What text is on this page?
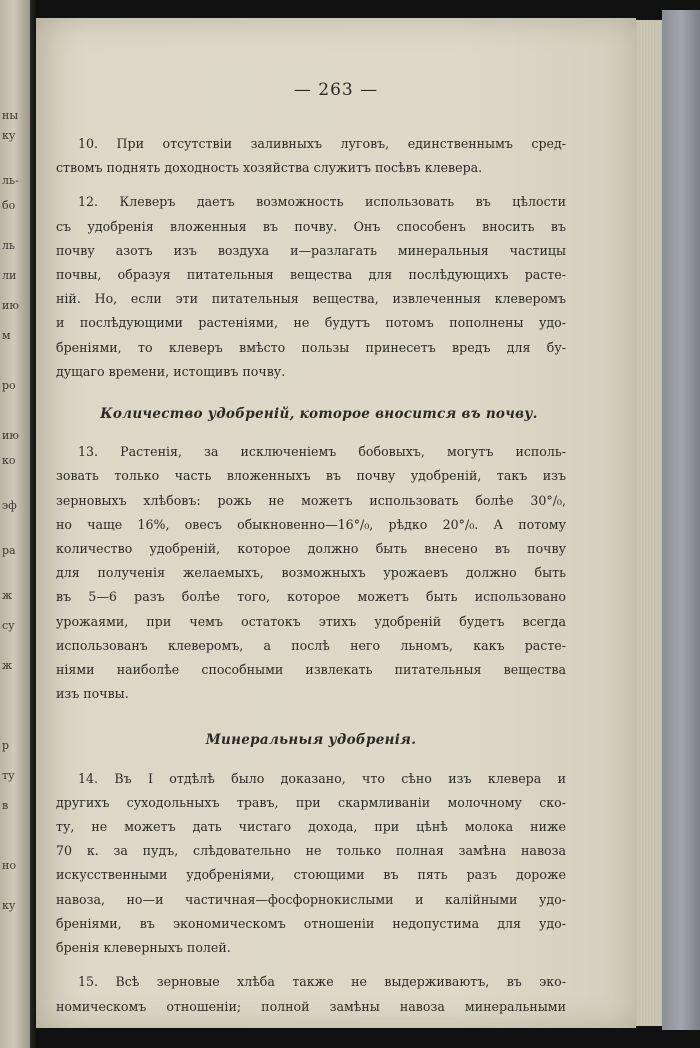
ны
ку
ль-
бо
ль
ли
ию
м
ро
ию
ко
эф
ра
ж
су
ж
р
ту
в
но
ку
— 263 —
10. При отсутствіи заливныхъ луговъ, единственнымъ сред-
ствомъ поднять доходность хозяйства служитъ посѣвъ клевера.
12. Клеверъ даетъ возможность использовать въ цѣлости
съ удобренія вложенныя въ почву. Онъ способенъ вносить въ
почву азотъ изъ воздуха и—разлагать минеральныя частицы
почвы, образуя питательныя вещества для послѣдующихъ расте-
ній. Но, если эти питательныя вещества, извлеченныя клеверомъ
и послѣдующими растеніями, не будутъ потомъ пополнены удо-
бреніями, то клеверъ вмѣсто пользы принесетъ вредъ для бу-
дущаго времени, истощивъ почву.
Количество удобреній, которое вносится въ почву.
13. Растенія, за исключеніемъ бобовыхъ, могутъ исполь-
зовать только часть вложенныхъ въ почву удобреній, такъ изъ
зерновыхъ хлѣбовъ: рожь не можетъ использовать болѣе 30°/₀,
но чаще 16%, овесъ обыкновенно—16°/₀, рѣдко 20°/₀. А потому
количество удобреній, которое должно быть внесено въ почву
для полученія желаемыхъ, возможныхъ урожаевъ должно быть
въ 5—6 разъ болѣе того, которое можетъ быть использовано
урожаями, при чемъ остатокъ этихъ удобреній будетъ всегда
использованъ клеверомъ, а послѣ него льномъ, какъ расте-
ніями наиболѣе способными извлекать питательныя вещества
изъ почвы.
Минеральныя удобренія.
14. Въ I отдѣлѣ было доказано, что сѣно изъ клевера и
другихъ суходольныхъ травъ, при скармливаніи молочному ско-
ту, не можетъ дать чистаго дохода, при цѣнѣ молока ниже
70 к. за пудъ, слѣдовательно не только полная замѣна навоза
искусственными удобреніями, стоющими въ пять разъ дороже
навоза, но—и частичная—фосфорнокислыми и калійными удо-
бреніями, въ экономическомъ отношеніи недопустима для удо-
бренія клеверныхъ полей.
15. Всѣ зерновые хлѣба также не выдерживаютъ, въ эко-
номическомъ отношеніи; полной замѣны навоза минеральными
